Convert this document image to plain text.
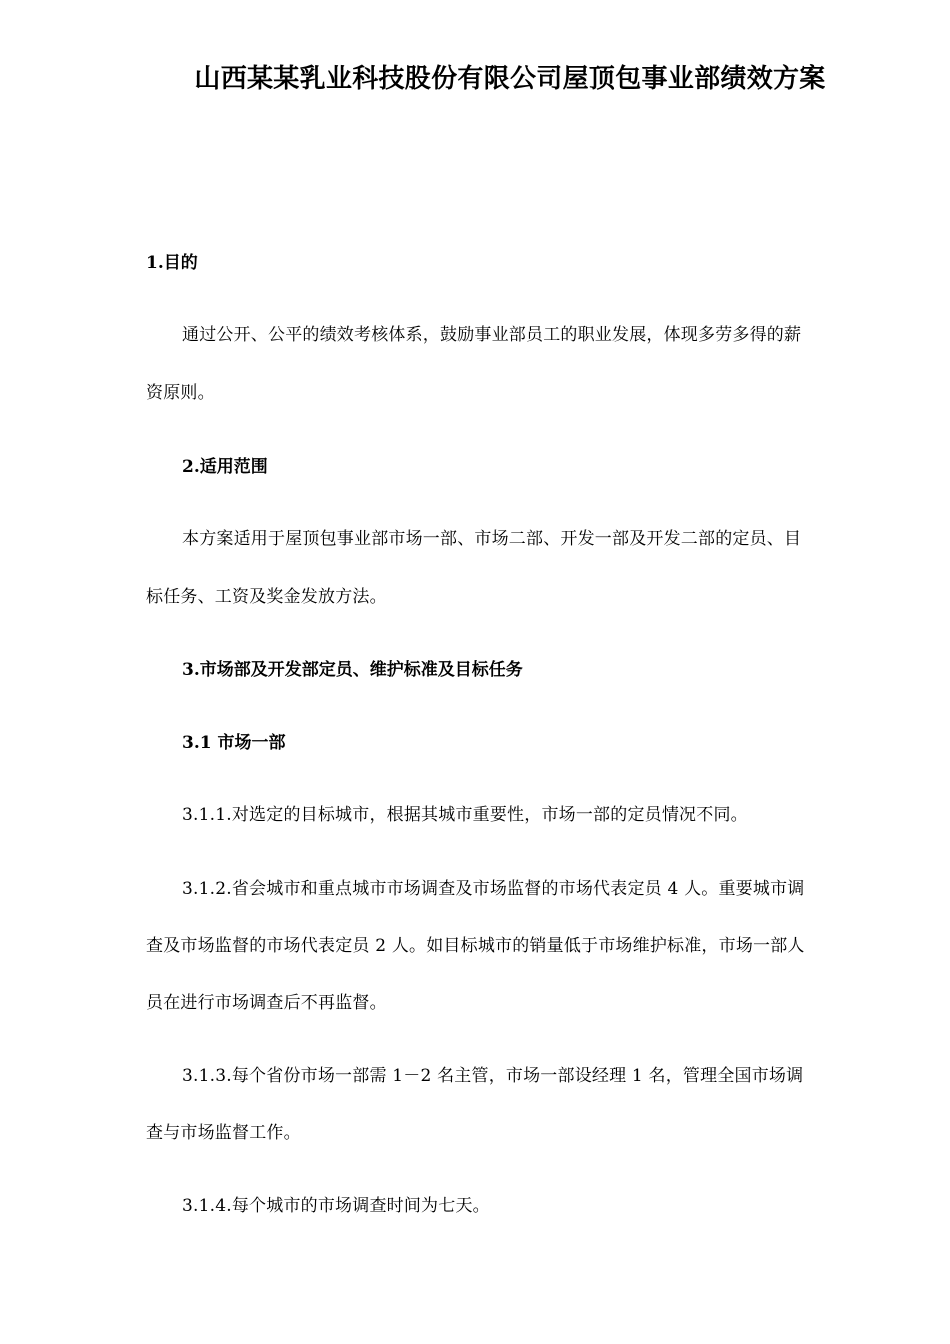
山西某某乳业科技股份有限公司屋顶包事业部绩效方案
1.目的
通过公开、公平的绩效考核体系，鼓励事业部员工的职业发展，体现多劳多得的薪
资原则。
2.适用范围
本方案适用于屋顶包事业部市场一部、市场二部、开发一部及开发二部的定员、目
标任务、工资及奖金发放方法。
3.市场部及开发部定员、维护标准及目标任务
3.1 市场一部
3.1.1.对选定的目标城市，根据其城市重要性，市场一部的定员情况不同。
3.1.2.省会城市和重点城市市场调查及市场监督的市场代表定员 4 人。重要城市调
查及市场监督的市场代表定员 2 人。如目标城市的销量低于市场维护标准，市场一部人
员在进行市场调查后不再监督。
3.1.3.每个省份市场一部需 1－2 名主管，市场一部设经理 1 名，管理全国市场调
查与市场监督工作。
3.1.4.每个城市的市场调查时间为七天。
